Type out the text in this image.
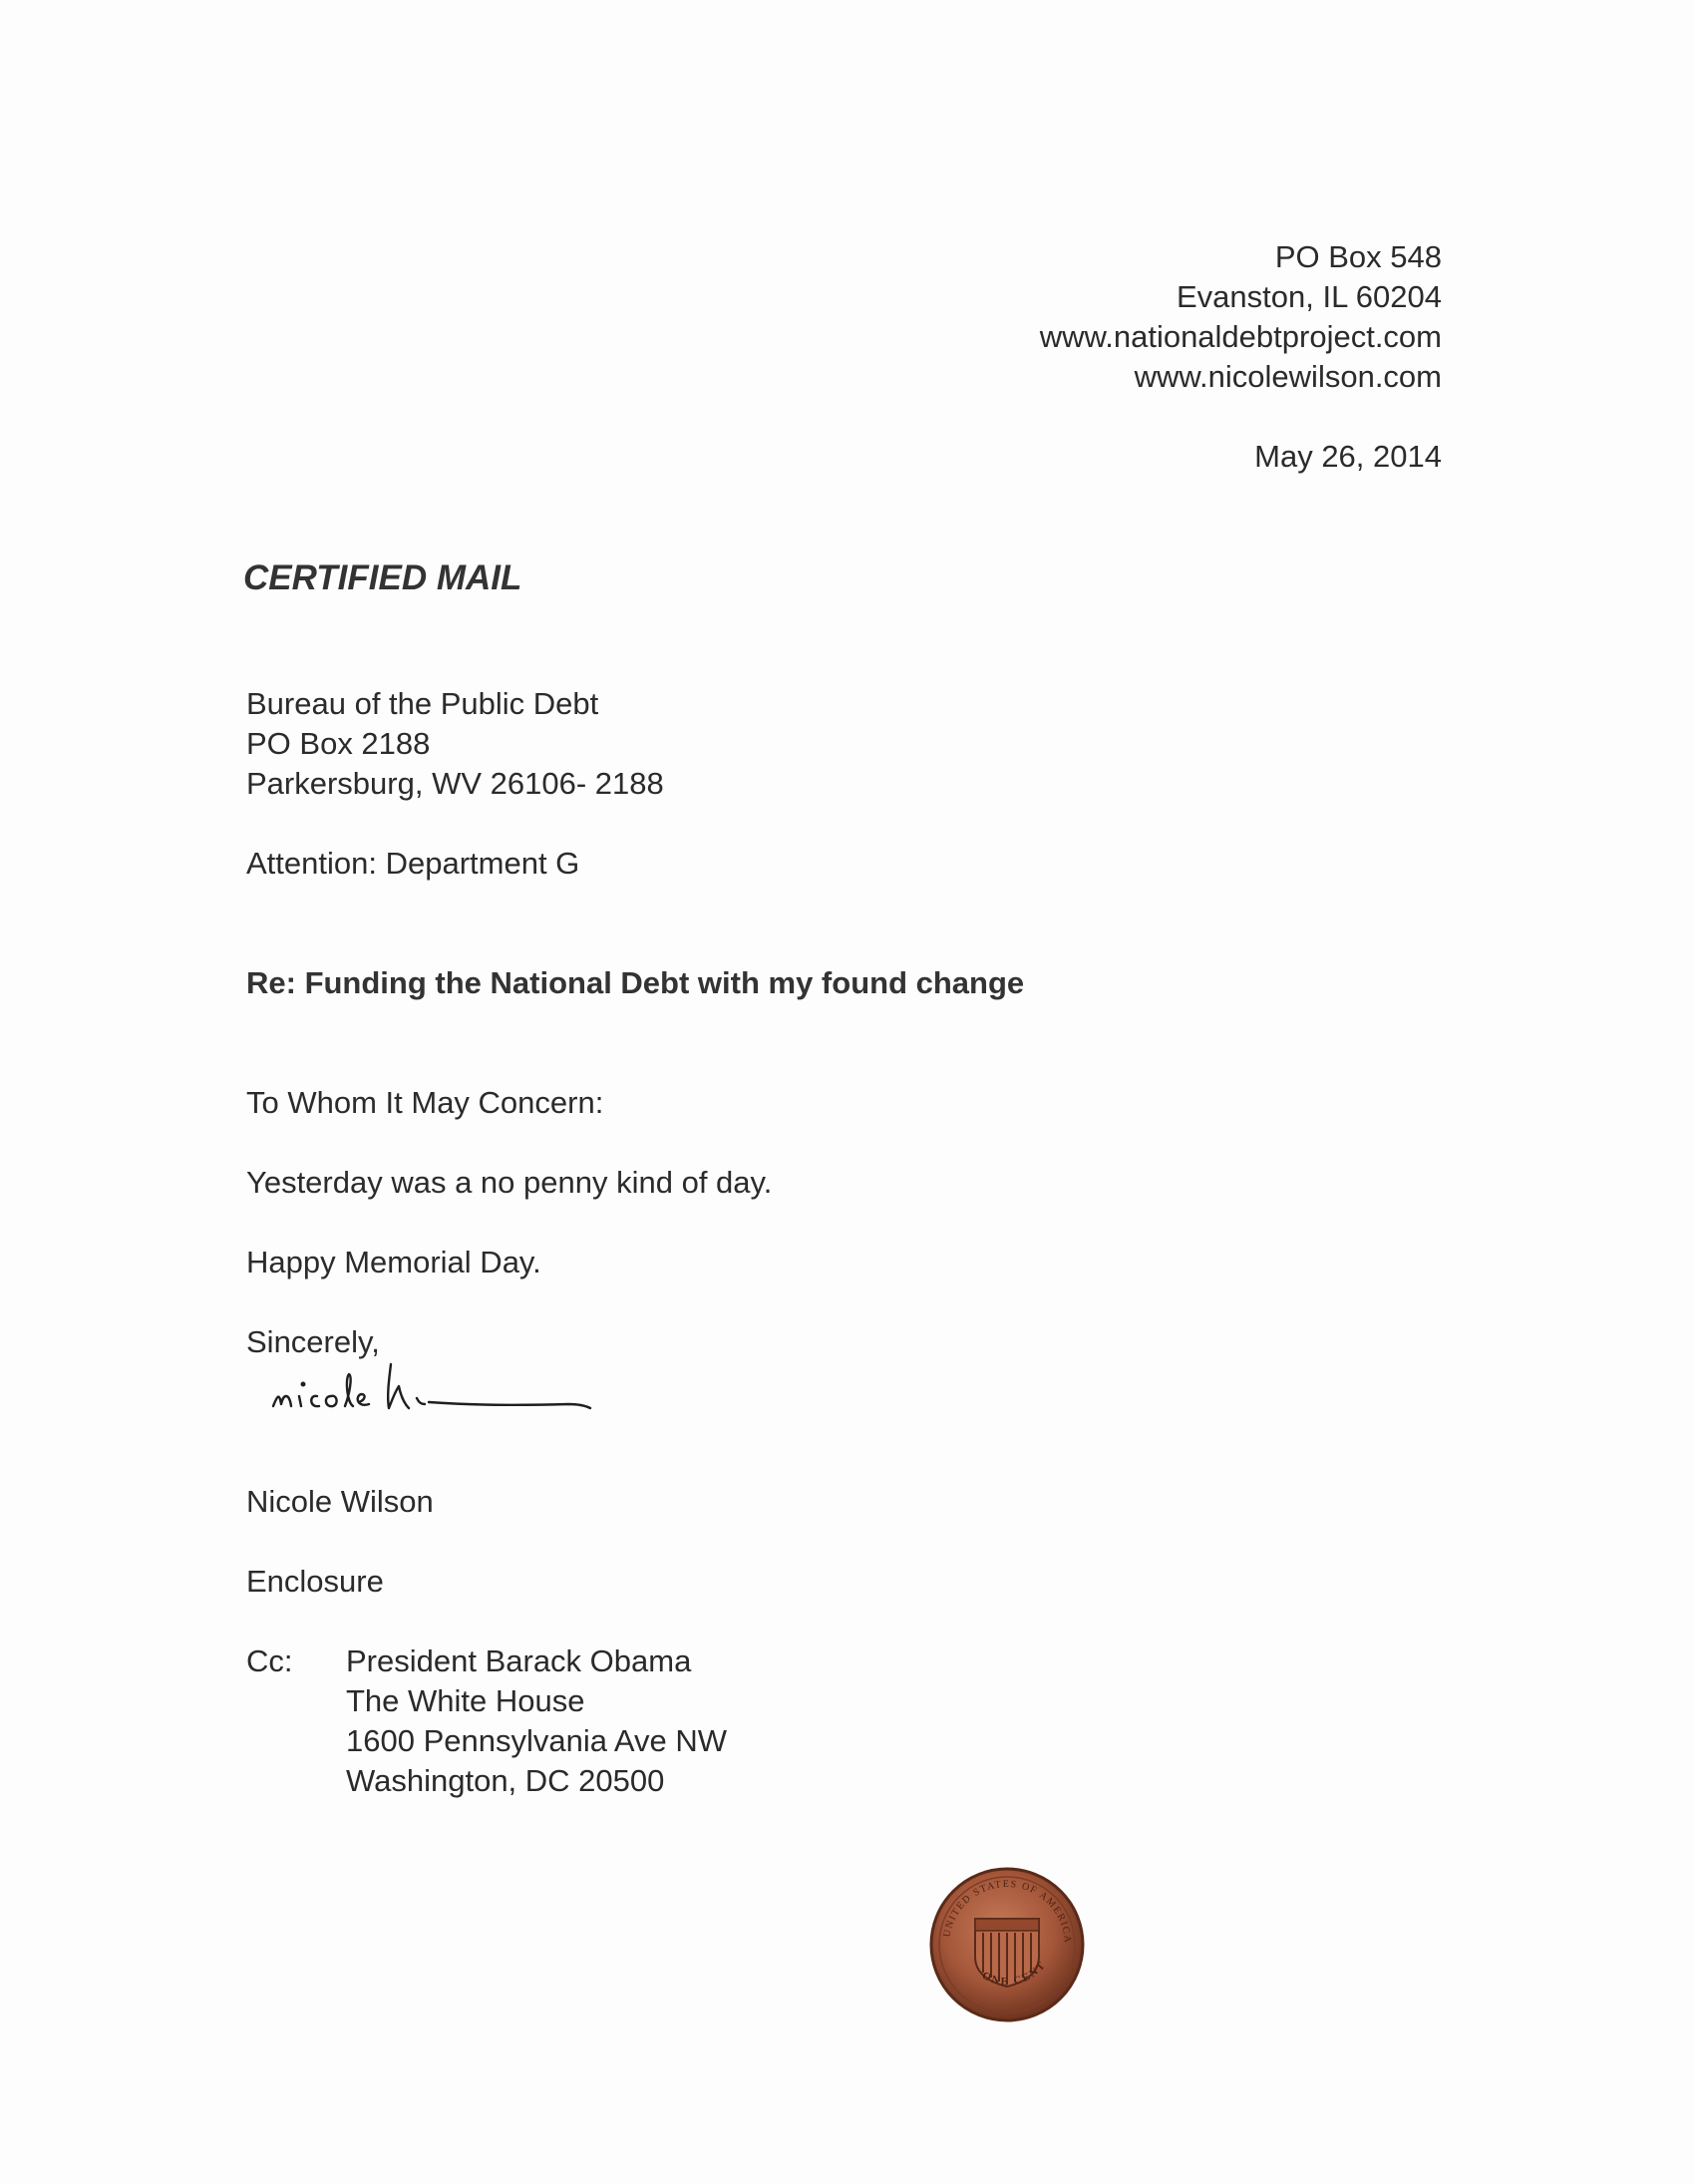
PO Box 548
Evanston, IL 60204
www.nationaldebtproject.com
www.nicolewilson.com
May 26, 2014
CERTIFIED MAIL
Bureau of the Public Debt
PO Box 2188
Parkersburg, WV 26106- 2188
Attention: Department G
Re: Funding the National Debt with my found change
To Whom It May Concern:
Yesterday was a no penny kind of day.
Happy Memorial Day.
Sincerely,
Nicole Wilson
Enclosure
Cc: President Barack Obama
The White House
1600 Pennsylvania Ave NW
Washington, DC 20500
UNITED STATES OF AMERICA
ONE CENT
